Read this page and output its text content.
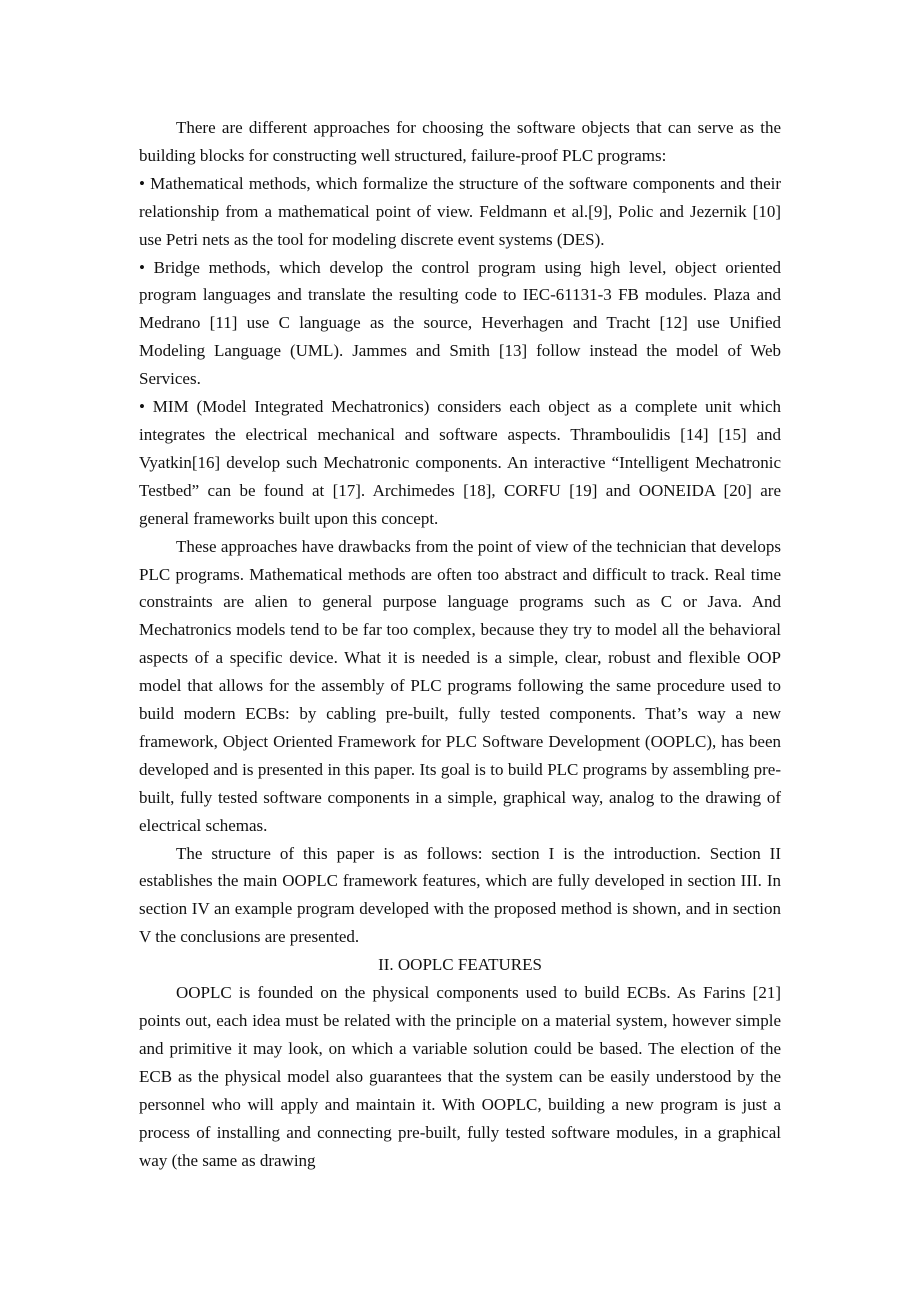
There are different approaches for choosing the software objects that can serve as the building blocks for constructing well structured, failure-proof PLC programs:

• Mathematical methods, which formalize the structure of the software components and their relationship from a mathematical point of view. Feldmann et al.[9], Polic and Jezernik [10] use Petri nets as the tool for modeling discrete event systems (DES).

• Bridge methods, which develop the control program using high level, object oriented program languages and translate the resulting code to IEC-61131-3 FB modules. Plaza and Medrano [11] use C language as the source, Heverhagen and Tracht [12] use Unified Modeling Language (UML). Jammes and Smith [13] follow instead the model of Web Services.

• MIM (Model Integrated Mechatronics) considers each object as a complete unit which integrates the electrical mechanical and software aspects. Thramboulidis [14] [15] and Vyatkin[16] develop such Mechatronic components. An interactive “Intelligent Mechatronic Testbed” can be found at [17]. Archimedes [18], CORFU [19] and OONEIDA [20] are general frameworks built upon this concept.

These approaches have drawbacks from the point of view of the technician that develops PLC programs. Mathematical methods are often too abstract and difficult to track. Real time constraints are alien to general purpose language programs such as C or Java. And Mechatronics models tend to be far too complex, because they try to model all the behavioral aspects of a specific device. What it is needed is a simple, clear, robust and flexible OOP model that allows for the assembly of PLC programs following the same procedure used to build modern ECBs: by cabling pre-built, fully tested components. That’s way a new framework, Object Oriented Framework for PLC Software Development (OOPLC), has been developed and is presented in this paper. Its goal is to build PLC programs by assembling pre-built, fully tested software components in a simple, graphical way, analog to the drawing of electrical schemas.

The structure of this paper is as follows: section I is the introduction. Section II establishes the main OOPLC framework features, which are fully developed in section III. In section IV an example program developed with the proposed method is shown, and in section V the conclusions are presented.

II. OOPLC FEATURES

OOPLC is founded on the physical components used to build ECBs. As Farins [21] points out, each idea must be related with the principle on a material system, however simple and primitive it may look, on which a variable solution could be based. The election of the ECB as the physical model also guarantees that the system can be easily understood by the personnel who will apply and maintain it. With OOPLC, building a new program is just a process of installing and connecting pre-built, fully tested software modules, in a graphical way (the same as drawing
